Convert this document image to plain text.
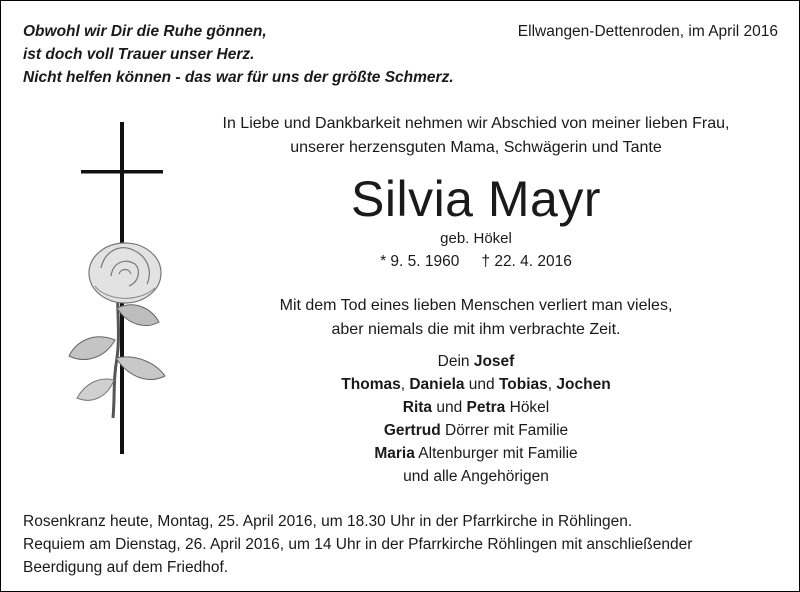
Obwohl wir Dir die Ruhe gönnen,
ist doch voll Trauer unser Herz.
Nicht helfen können - das war für uns der größte Schmerz.
Ellwangen-Dettenroden, im April 2016
In Liebe und Dankbarkeit nehmen wir Abschied von meiner lieben Frau,
unserer herzensguten Mama, Schwägerin und Tante
Silvia Mayr
geb. Hökel
* 9. 5. 1960 † 22. 4. 2016
Mit dem Tod eines lieben Menschen verliert man vieles,
aber niemals die mit ihm verbrachte Zeit.
Dein Josef
Thomas, Daniela und Tobias, Jochen
Rita und Petra Hökel
Gertrud Dörrer mit Familie
Maria Altenburger mit Familie
und alle Angehörigen
Rosenkranz heute, Montag, 25. April 2016, um 18.30 Uhr in der Pfarrkirche in Röhlingen.
Requiem am Dienstag, 26. April 2016, um 14 Uhr in der Pfarrkirche Röhlingen mit anschließender
Beerdigung auf dem Friedhof.
